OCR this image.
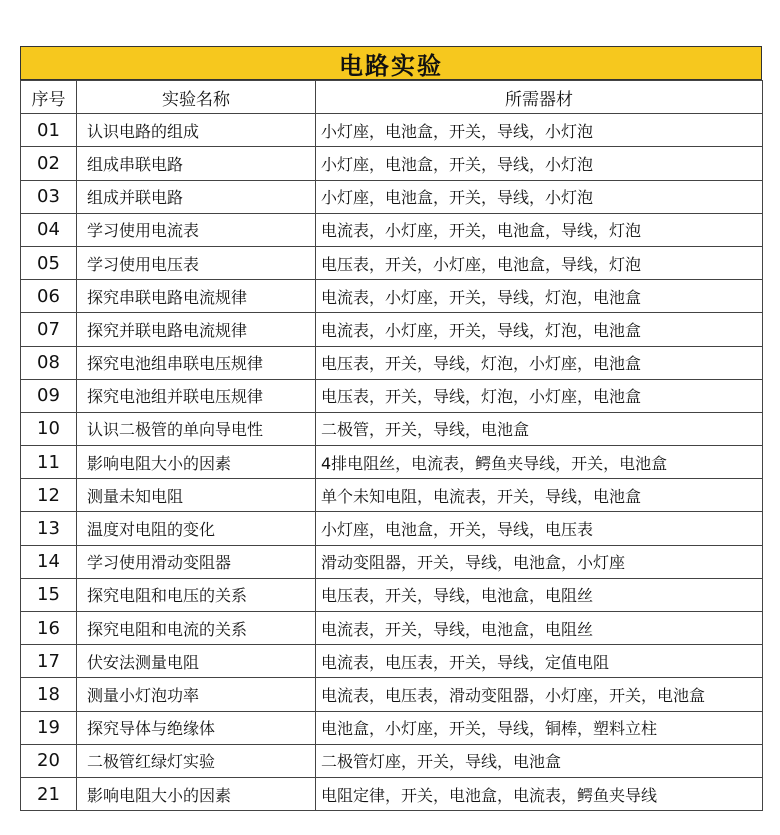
电路实验
序号	实验名称	所需器材
01	认识电路的组成	小灯座，电池盒，开关，导线，小灯泡
02	组成串联电路	小灯座，电池盒，开关，导线，小灯泡
03	组成并联电路	小灯座，电池盒，开关，导线，小灯泡
04	学习使用电流表	电流表，小灯座，开关，电池盒，导线，灯泡
05	学习使用电压表	电压表，开关，小灯座，电池盒，导线，灯泡
06	探究串联电路电流规律	电流表，小灯座，开关，导线，灯泡，电池盒
07	探究并联电路电流规律	电流表，小灯座，开关，导线，灯泡，电池盒
08	探究电池组串联电压规律	电压表，开关，导线，灯泡，小灯座，电池盒
09	探究电池组并联电压规律	电压表，开关，导线，灯泡，小灯座，电池盒
10	认识二极管的单向导电性	二极管，开关，导线，电池盒
11	影响电阻大小的因素	4排电阻丝，电流表，鳄鱼夹导线，开关，电池盒
12	测量未知电阻	单个未知电阻，电流表，开关，导线，电池盒
13	温度对电阻的变化	小灯座，电池盒，开关，导线，电压表
14	学习使用滑动变阻器	滑动变阻器，开关，导线，电池盒，小灯座
15	探究电阻和电压的关系	电压表，开关，导线，电池盒，电阻丝
16	探究电阻和电流的关系	电流表，开关，导线，电池盒，电阻丝
17	伏安法测量电阻	电流表，电压表，开关，导线，定值电阻
18	测量小灯泡功率	电流表，电压表，滑动变阻器，小灯座，开关，电池盒
19	探究导体与绝缘体	电池盒，小灯座，开关，导线，铜棒，塑料立柱
20	二极管红绿灯实验	二极管灯座，开关，导线，电池盒
21	影响电阻大小的因素	电阻定律，开关，电池盒，电流表，鳄鱼夹导线
